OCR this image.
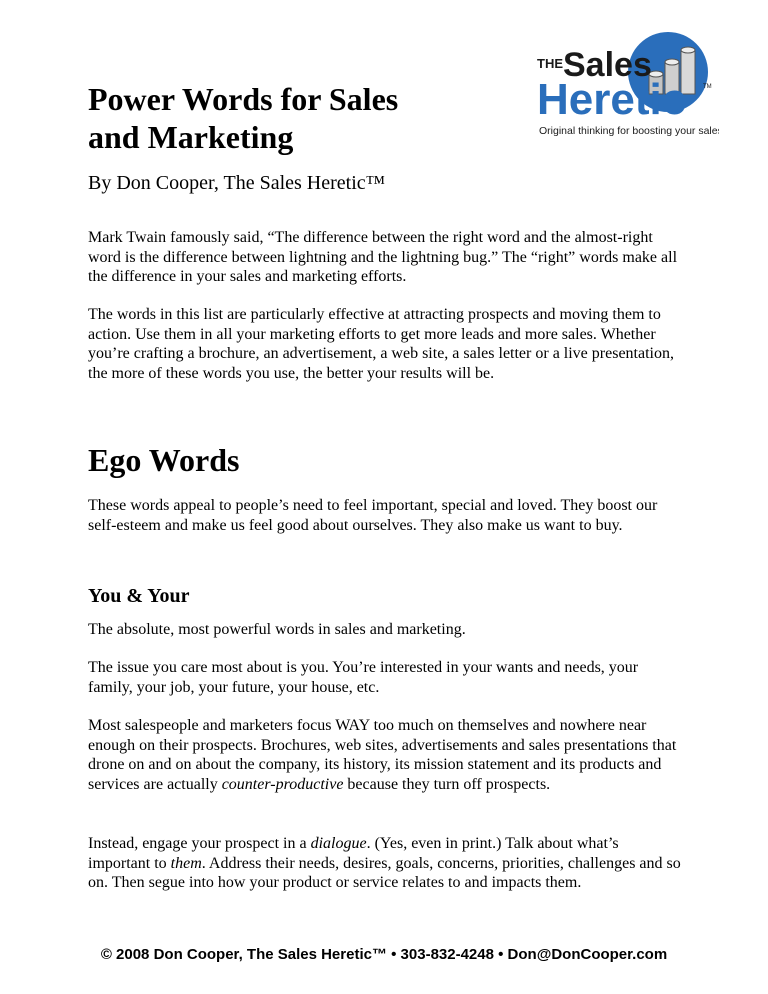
Power Words for Sales
and Marketing
THE Sales
Heretic	TM
Original thinking for boosting your sales

By Don Cooper, The Sales Heretic™

Mark Twain famously said, “The difference between the right word and the almost-right word is the difference between lightning and the lightning bug.” The “right” words make all the difference in your sales and marketing efforts.

The words in this list are particularly effective at attracting prospects and moving them to action. Use them in all your marketing efforts to get more leads and more sales. Whether you’re crafting a brochure, an advertisement, a web site, a sales letter or a live presentation, the more of these words you use, the better your results will be.

Ego Words

These words appeal to people’s need to feel important, special and loved. They boost our self-esteem and make us feel good about ourselves. They also make us want to buy.

You & Your

The absolute, most powerful words in sales and marketing.

The issue you care most about is you. You’re interested in your wants and needs, your family, your job, your future, your house, etc.

Most salespeople and marketers focus WAY too much on themselves and nowhere near enough on their prospects. Brochures, web sites, advertisements and sales presentations that drone on and on about the company, its history, its mission statement and its products and services are actually counter-productive because they turn off prospects.

Instead, engage your prospect in a dialogue. (Yes, even in print.) Talk about what’s important to them. Address their needs, desires, goals, concerns, priorities, challenges and so on. Then segue into how your product or service relates to and impacts them.

© 2008 Don Cooper, The Sales Heretic™ • 303-832-4248 • Don@DonCooper.com
